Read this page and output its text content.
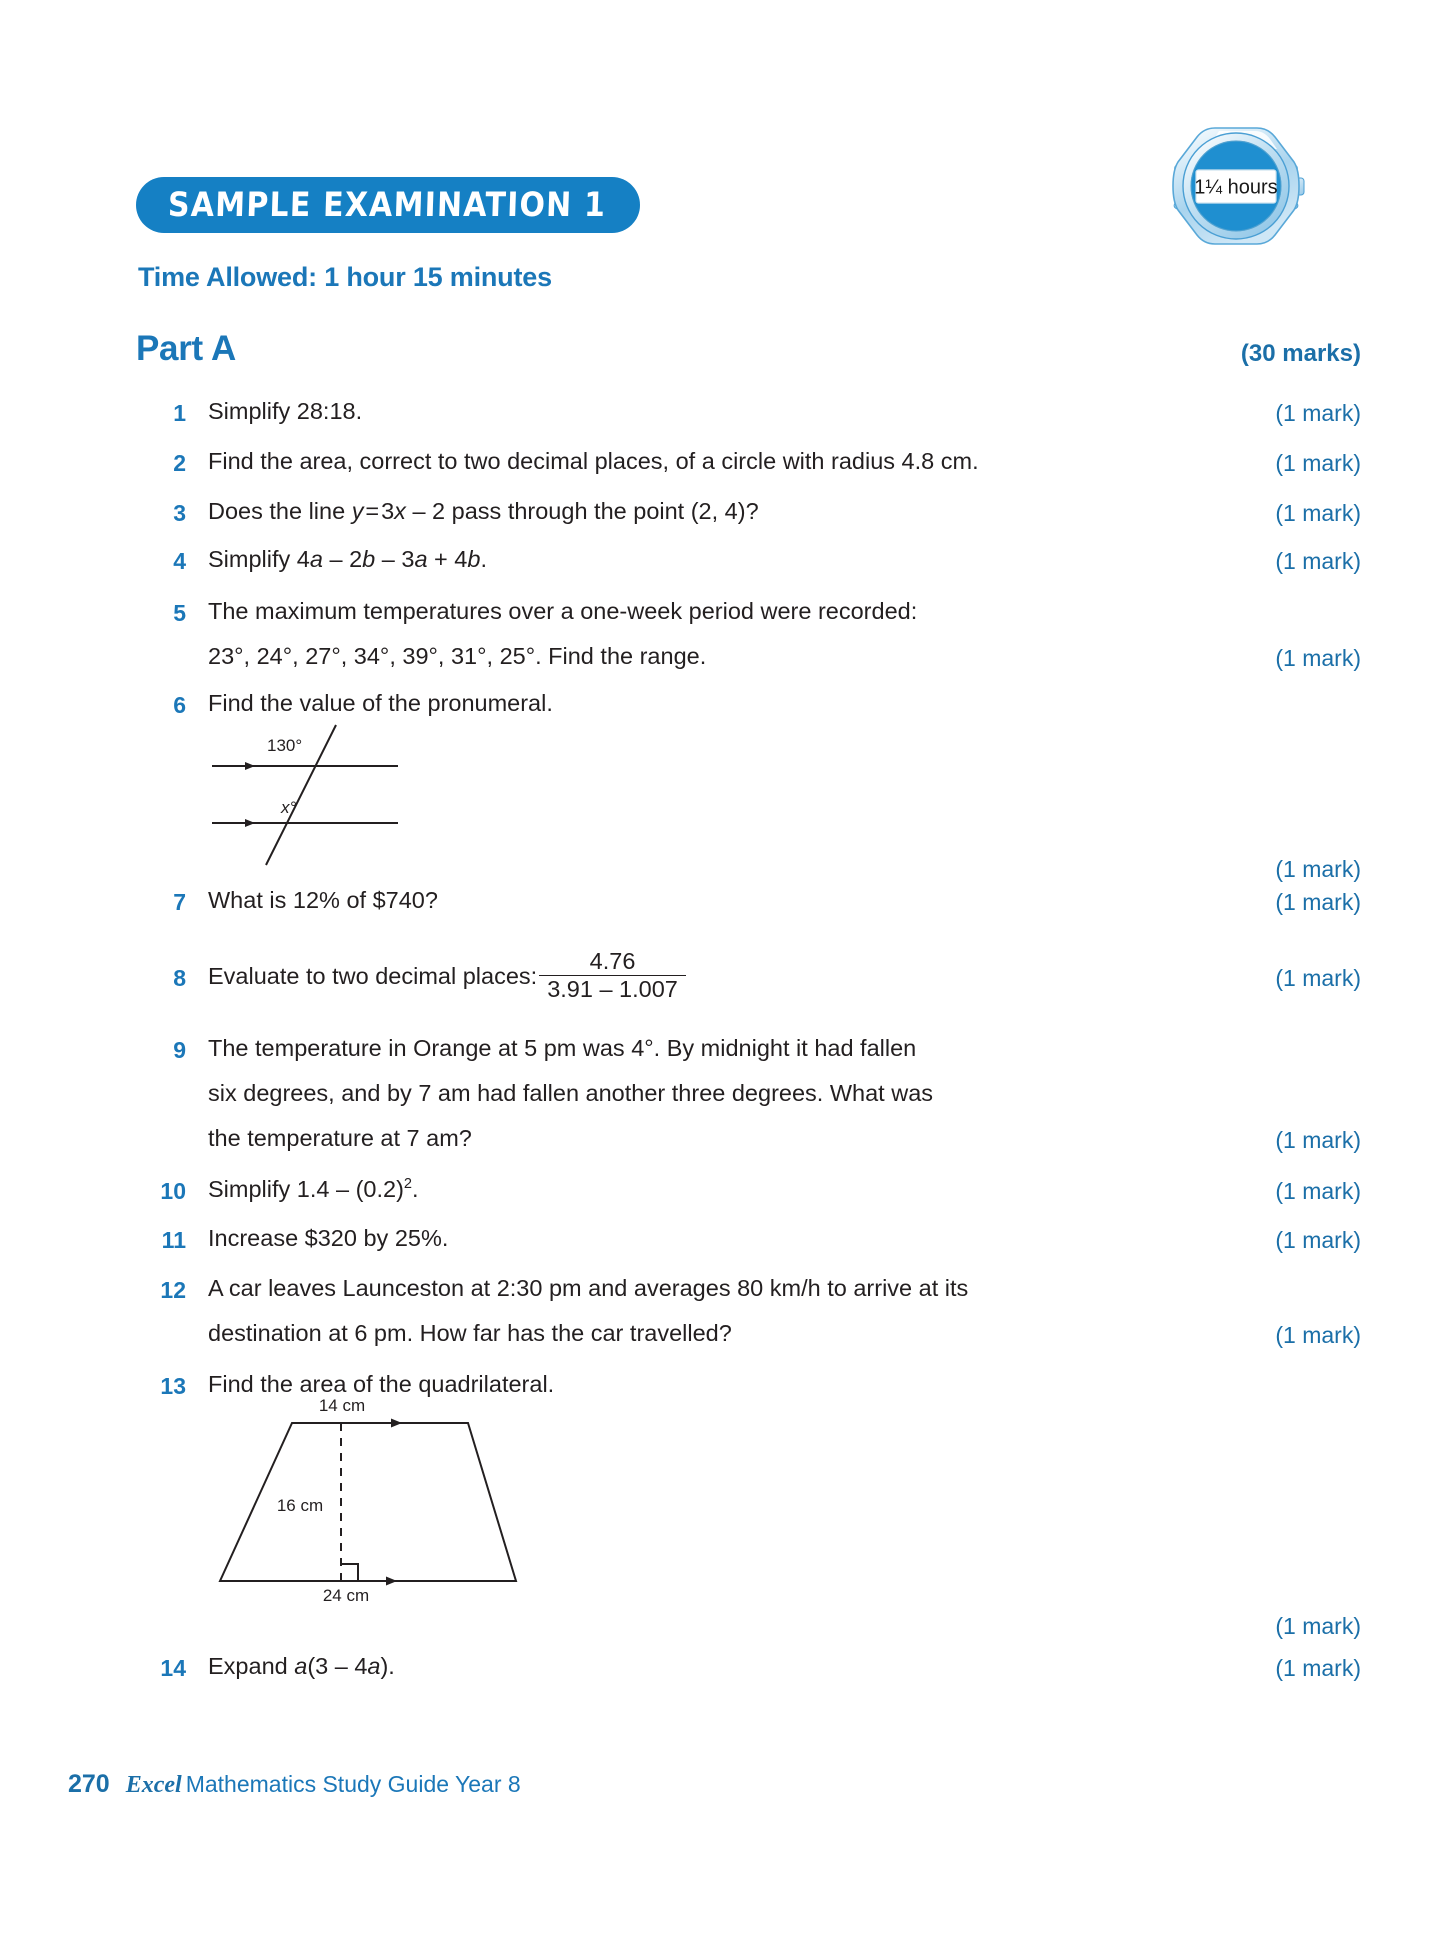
1¼ hours
SAMPLE EXAMINATION 1
Time Allowed: 1 hour 15 minutes
Part A	(30 marks)
1 Simplify 28:18.	(1 mark)
2 Find the area, correct to two decimal places, of a circle with radius 4.8 cm.	(1 mark)
3 Does the line y = 3x – 2 pass through the point (2, 4)?	(1 mark)
4 Simplify 4a – 2b – 3a + 4b.	(1 mark)
5 The maximum temperatures over a one-week period were recorded:
23°, 24°, 27°, 34°, 39°, 31°, 25°. Find the range.	(1 mark)
6 Find the value of the pronumeral.
(1 mark)
130°
x°
7 What is 12% of $740?	(1 mark)
8 Evaluate to two decimal places: $\frac{4.76}{3.91 - 1.007}$	(1 mark)
9 The temperature in Orange at 5 pm was 4°. By midnight it had fallen
six degrees, and by 7 am had fallen another three degrees. What was
the temperature at 7 am?	(1 mark)
10 Simplify $1.4 - (0.2)^2$.	(1 mark)
11 Increase $320 by 25%.	(1 mark)
12 A car leaves Launceston at 2:30 pm and averages 80 km/h to arrive at its
destination at 6 pm. How far has the car travelled?	(1 mark)
13 Find the area of the quadrilateral.
(1 mark)
14 cm
16 cm
24 cm
14 Expand a(3 – 4a).	(1 mark)
270 Excel Mathematics Study Guide Year 8
